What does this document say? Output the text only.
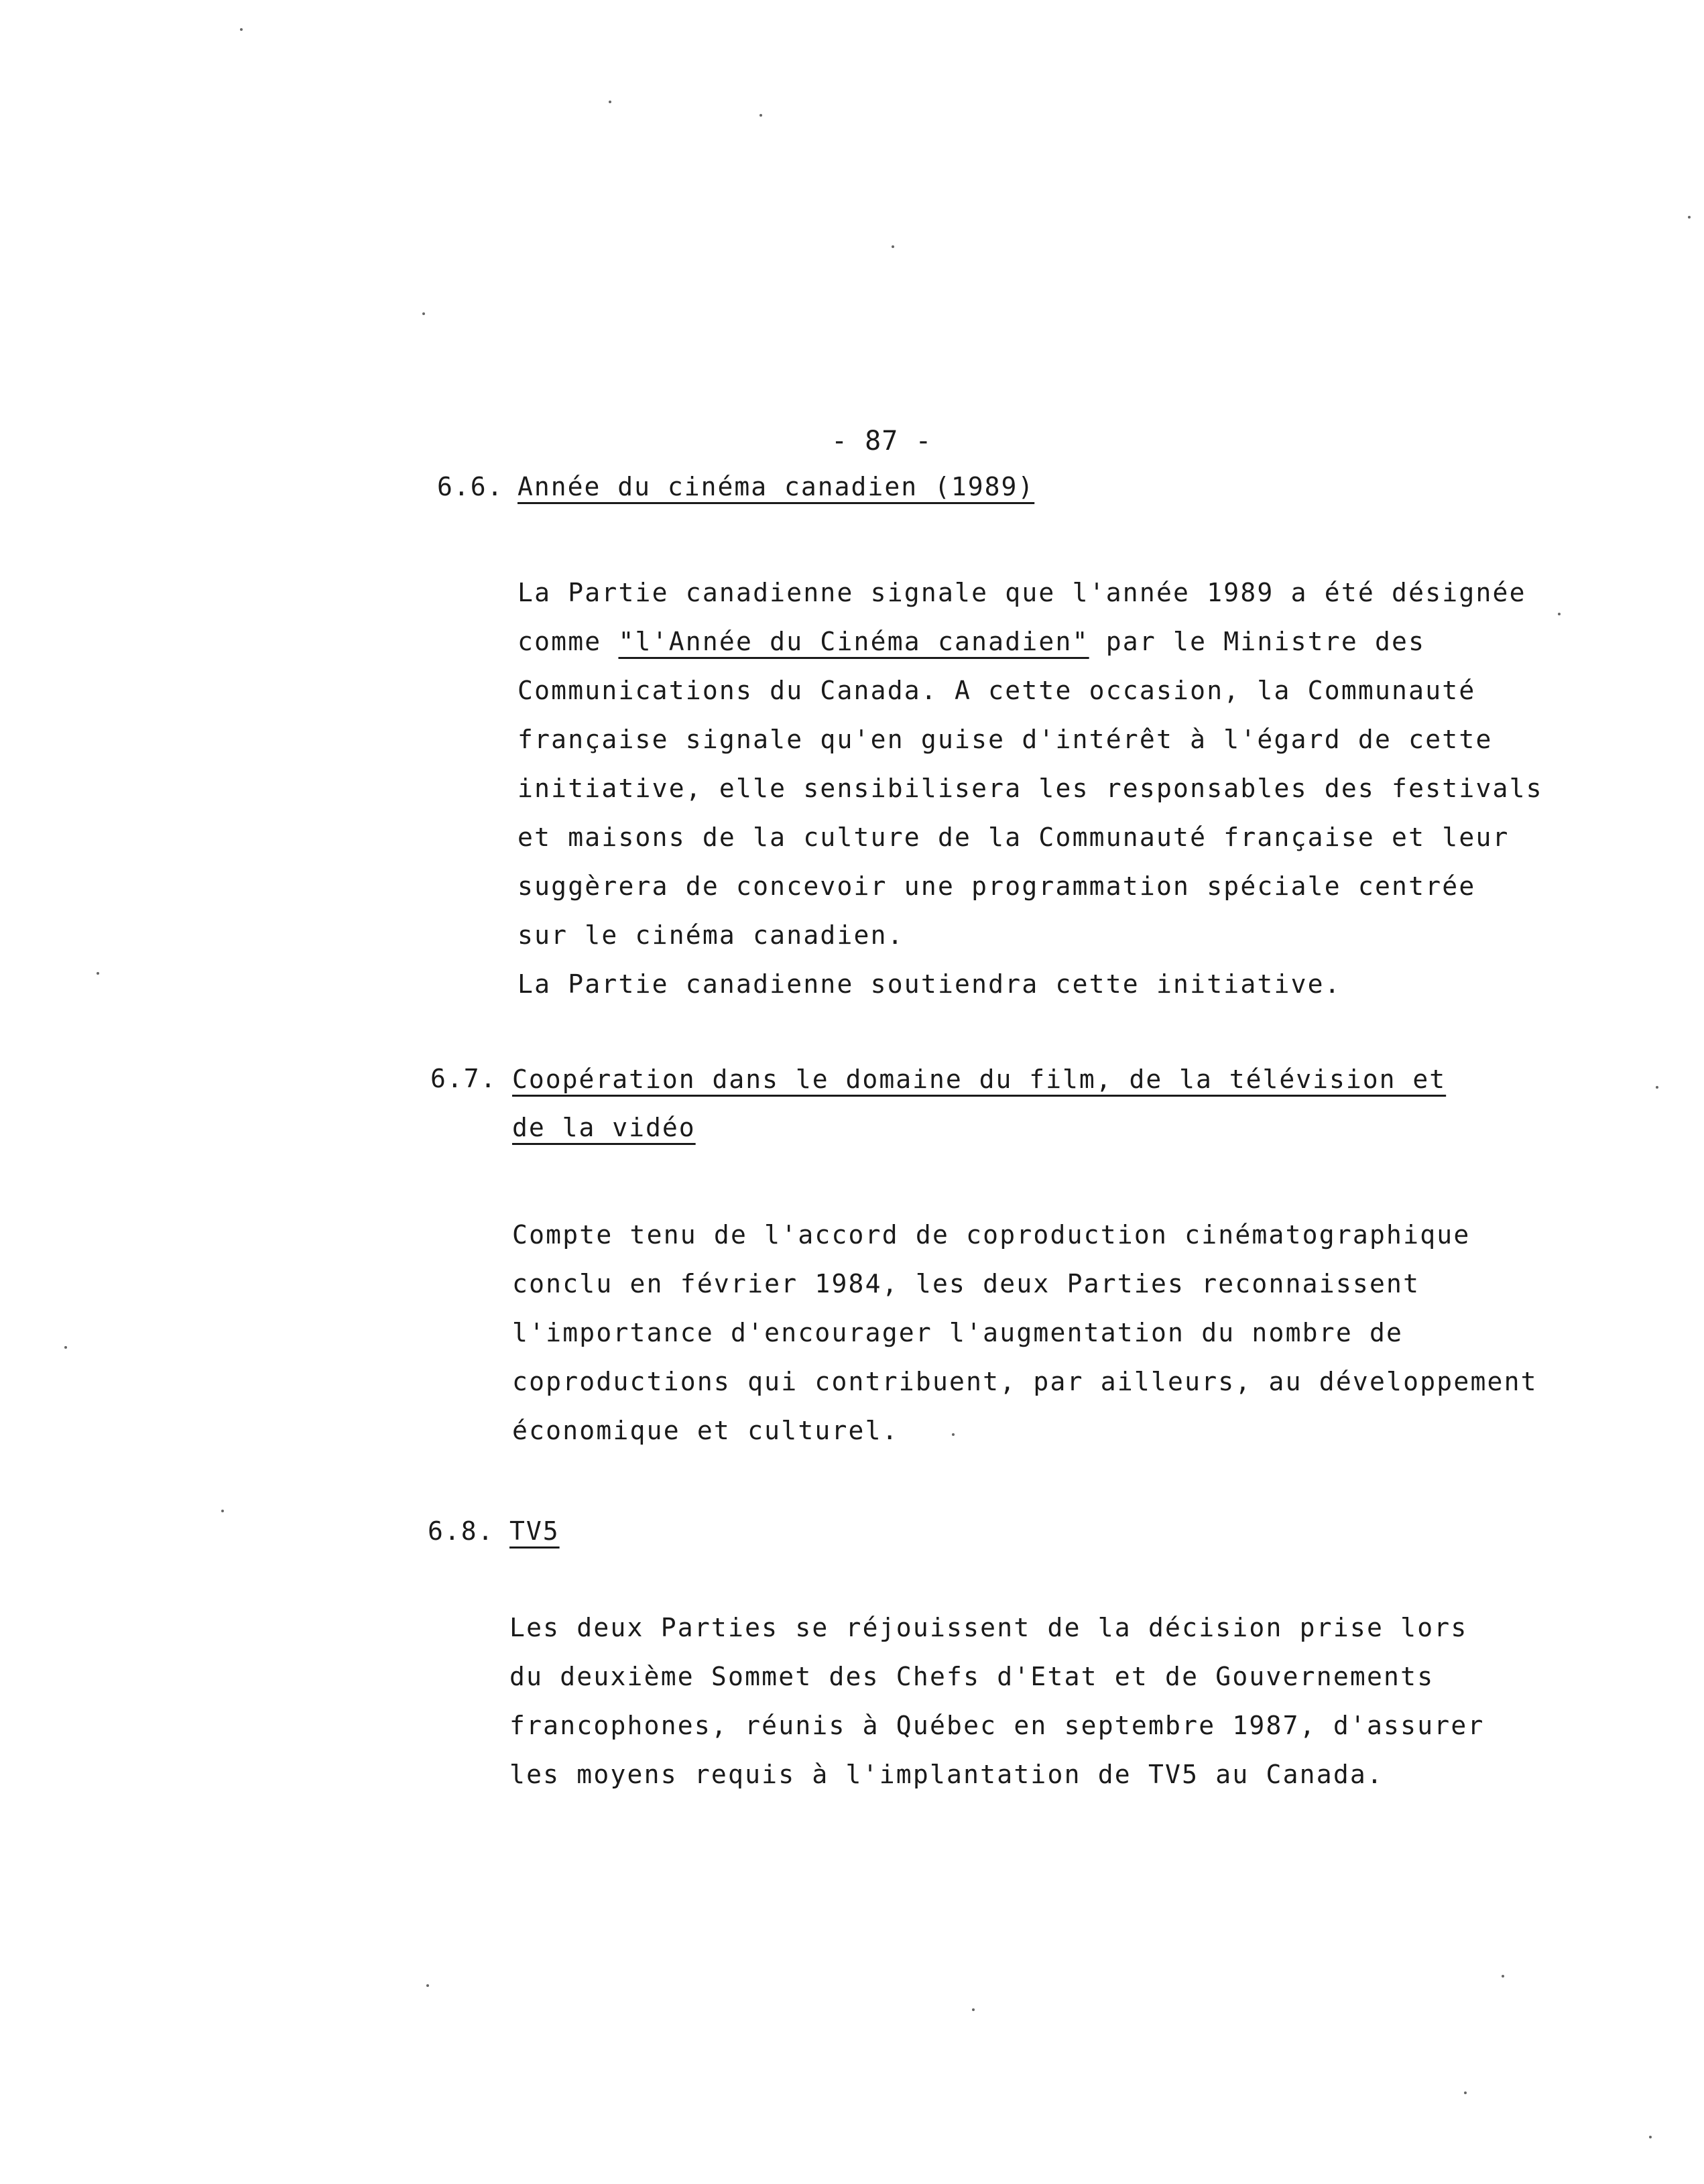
- 87 -
6.6. Année du cinéma canadien (1989)
La Partie canadienne signale que l'année 1989 a été désignée
comme "l'Année du Cinéma canadien" par le Ministre des
Communications du Canada. A cette occasion, la Communauté
française signale qu'en guise d'intérêt à l'égard de cette
initiative, elle sensibilisera les responsables des festivals
et maisons de la culture de la Communauté française et leur
suggèrera de concevoir une programmation spéciale centrée
sur le cinéma canadien.
La Partie canadienne soutiendra cette initiative.
6.7. Coopération dans le domaine du film, de la télévision et
de la vidéo
Compte tenu de l'accord de coproduction cinématographique
conclu en février 1984, les deux Parties reconnaissent
l'importance d'encourager l'augmentation du nombre de
coproductions qui contribuent, par ailleurs, au développement
économique et culturel.
6.8. TV5
Les deux Parties se réjouissent de la décision prise lors
du deuxième Sommet des Chefs d'Etat et de Gouvernements
francophones, réunis à Québec en septembre 1987, d'assurer
les moyens requis à l'implantation de TV5 au Canada.
